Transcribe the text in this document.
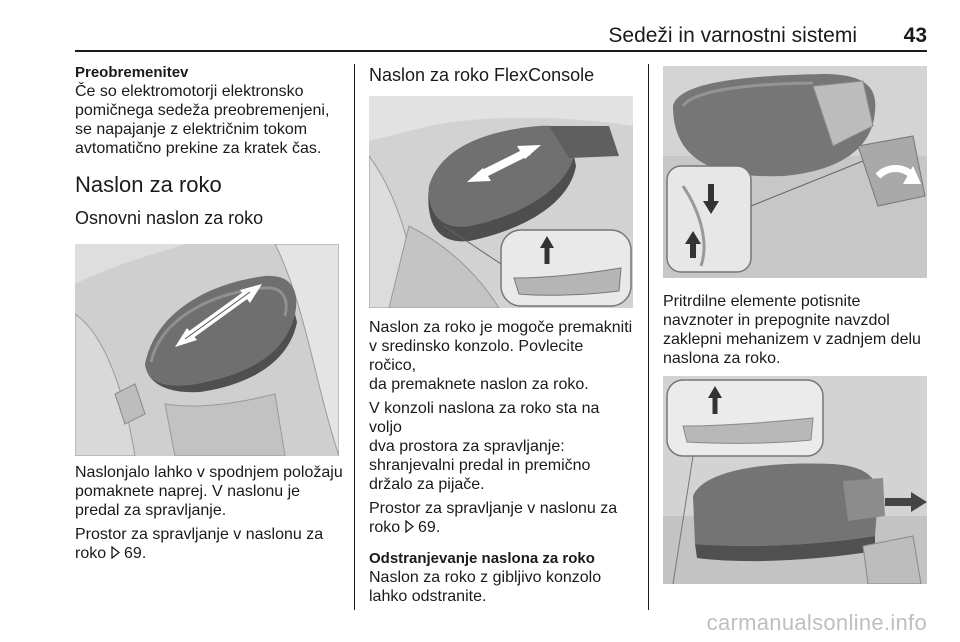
Sedeži in varnostni sistemi 43

Preobremenitev

Če so elektromotorji elektronsko

pomičnega sedeža preobremenjeni,

se napajanje z električnim tokom

avtomatično prekine za kratek čas.

Naslon za roko
Osnovni naslon za roko

Naslonjalo lahko v spodnjem položaju

pomaknete naprej. V naslonu je

predal za spravljanje.

Prostor za spravljanje v naslonu za

roko 69.

Naslon za roko FlexConsole

Naslon za roko je mogoče premakniti

v sredinsko konzolo. Povlecite ročico,

da premaknete naslon za roko.

V konzoli naslona za roko sta na voljo

dva prostora za spravljanje:

shranjevalni predal in premično

držalo za pijače.

Prostor za spravljanje v naslonu za

roko 69.

Odstranjevanje naslona za roko

Naslon za roko z gibljivo konzolo

lahko odstranite.

Pritrdilne elemente potisnite

navznoter in prepognite navzdol

zaklepni mehanizem v zadnjem delu

naslona za roko.

carmanualsonline.info
